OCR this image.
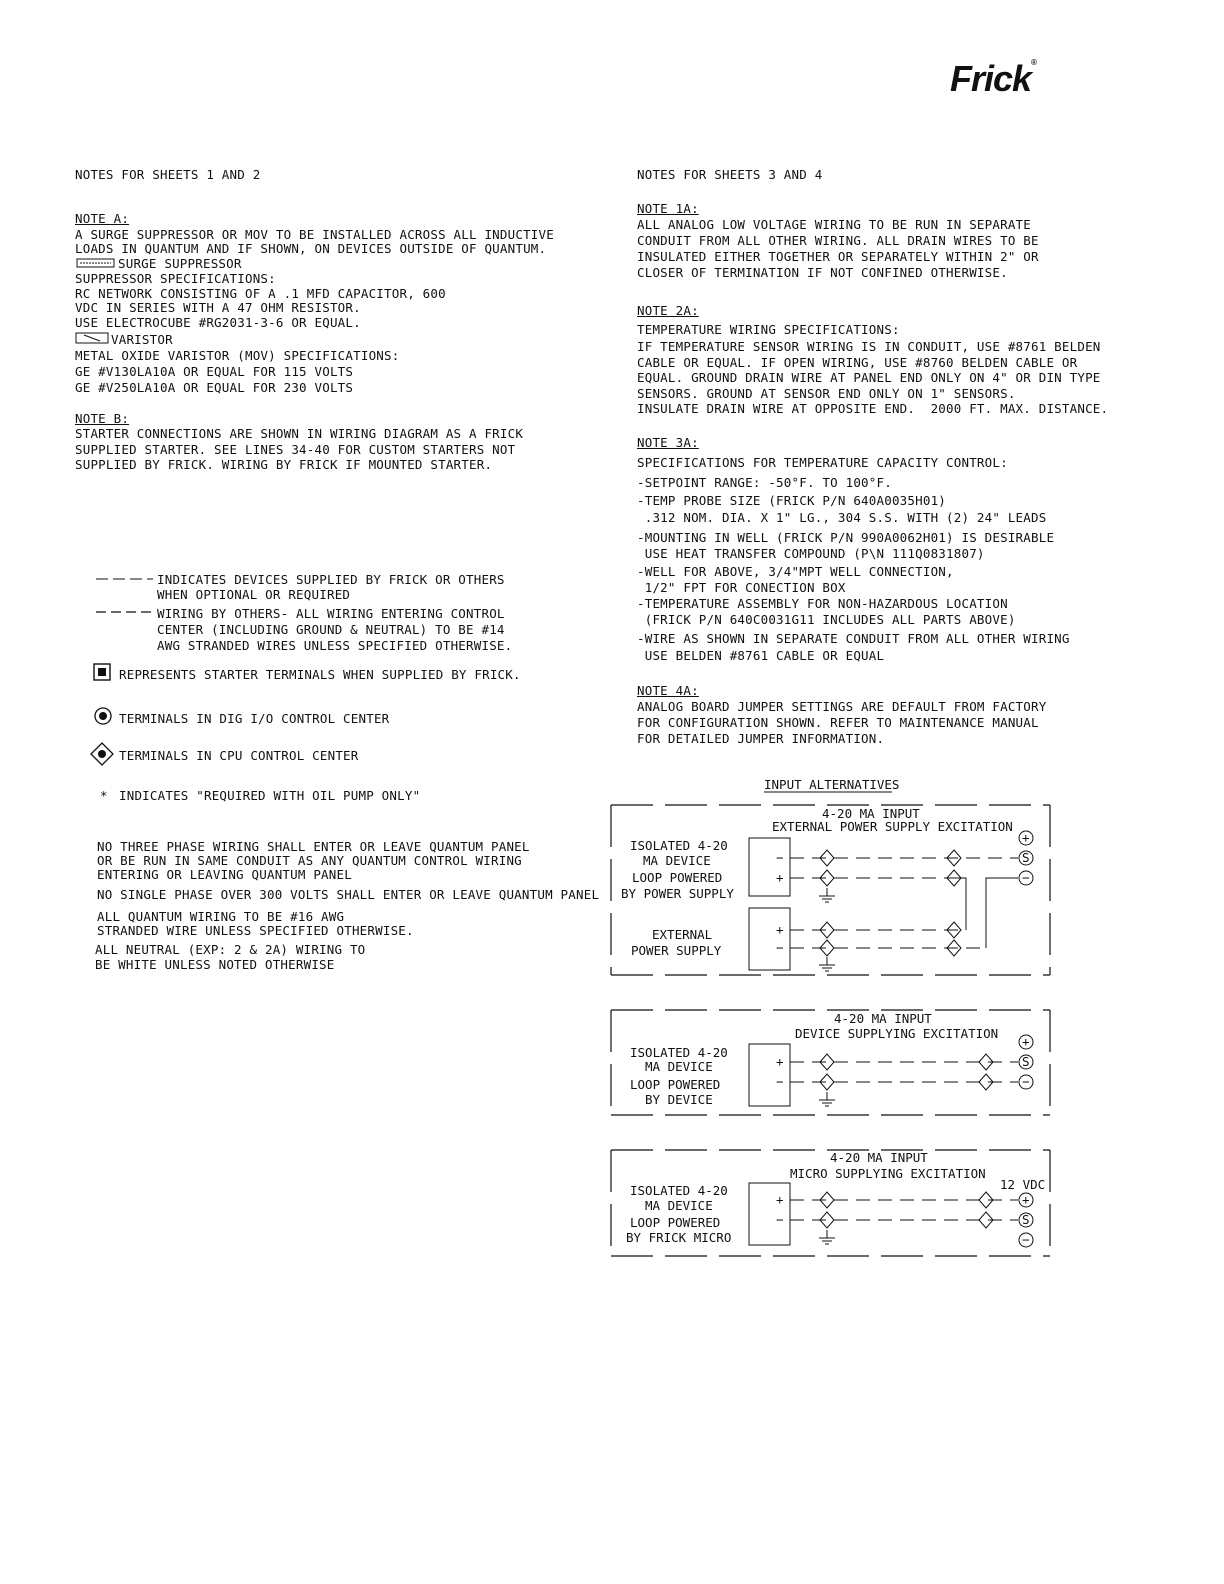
Frick®
NOTES FOR SHEETS 1 AND 2
NOTE A:
A SURGE SUPPRESSOR OR MOV TO BE INSTALLED ACROSS ALL INDUCTIVE
LOADS IN QUANTUM AND IF SHOWN, ON DEVICES OUTSIDE OF QUANTUM.
SURGE SUPPRESSOR
SUPPRESSOR SPECIFICATIONS:
RC NETWORK CONSISTING OF A .1 MFD CAPACITOR, 600
VDC IN SERIES WITH A 47 OHM RESISTOR.
USE ELECTROCUBE #RG2031-3-6 OR EQUAL.
VARISTOR
METAL OXIDE VARISTOR (MOV) SPECIFICATIONS:
GE #V130LA10A OR EQUAL FOR 115 VOLTS
GE #V250LA10A OR EQUAL FOR 230 VOLTS
NOTE B:
STARTER CONNECTIONS ARE SHOWN IN WIRING DIAGRAM AS A FRICK
SUPPLIED STARTER. SEE LINES 34-40 FOR CUSTOM STARTERS NOT
SUPPLIED BY FRICK. WIRING BY FRICK IF MOUNTED STARTER.
INDICATES DEVICES SUPPLIED BY FRICK OR OTHERS
WHEN OPTIONAL OR REQUIRED
WIRING BY OTHERS- ALL WIRING ENTERING CONTROL
CENTER (INCLUDING GROUND & NEUTRAL) TO BE #14
AWG STRANDED WIRES UNLESS SPECIFIED OTHERWISE.
REPRESENTS STARTER TERMINALS WHEN SUPPLIED BY FRICK.
TERMINALS IN DIG I/O CONTROL CENTER
TERMINALS IN CPU CONTROL CENTER
* INDICATES "REQUIRED WITH OIL PUMP ONLY"
NO THREE PHASE WIRING SHALL ENTER OR LEAVE QUANTUM PANEL
OR BE RUN IN SAME CONDUIT AS ANY QUANTUM CONTROL WIRING
ENTERING OR LEAVING QUANTUM PANEL
NO SINGLE PHASE OVER 300 VOLTS SHALL ENTER OR LEAVE QUANTUM PANEL
ALL QUANTUM WIRING TO BE #16 AWG
STRANDED WIRE UNLESS SPECIFIED OTHERWISE.
ALL NEUTRAL (EXP: 2 & 2A) WIRING TO
BE WHITE UNLESS NOTED OTHERWISE
NOTES FOR SHEETS 3 AND 4
NOTE 1A:
ALL ANALOG LOW VOLTAGE WIRING TO BE RUN IN SEPARATE
CONDUIT FROM ALL OTHER WIRING. ALL DRAIN WIRES TO BE
INSULATED EITHER TOGETHER OR SEPARATELY WITHIN 2" OR
CLOSER OF TERMINATION IF NOT CONFINED OTHERWISE.
NOTE 2A:
TEMPERATURE WIRING SPECIFICATIONS:
IF TEMPERATURE SENSOR WIRING IS IN CONDUIT, USE #8761 BELDEN
CABLE OR EQUAL. IF OPEN WIRING, USE #8760 BELDEN CABLE OR
EQUAL. GROUND DRAIN WIRE AT PANEL END ONLY ON 4" OR DIN TYPE
SENSORS. GROUND AT SENSOR END ONLY ON 1" SENSORS.
INSULATE DRAIN WIRE AT OPPOSITE END.  2000 FT. MAX. DISTANCE.
NOTE 3A:
SPECIFICATIONS FOR TEMPERATURE CAPACITY CONTROL:
-SETPOINT RANGE: -50°F. TO 100°F.
-TEMP PROBE SIZE (FRICK P/N 640A0035H01)
.312 NOM. DIA. X 1" LG., 304 S.S. WITH (2) 24" LEADS
-MOUNTING IN WELL (FRICK P/N 990A0062H01) IS DESIRABLE
USE HEAT TRANSFER COMPOUND (P\N 111Q0831807)
-WELL FOR ABOVE, 3/4"MPT WELL CONNECTION,
1/2" FPT FOR CONECTION BOX
-TEMPERATURE ASSEMBLY FOR NON-HAZARDOUS LOCATION
(FRICK P/N 640C0031G11 INCLUDES ALL PARTS ABOVE)
-WIRE AS SHOWN IN SEPARATE CONDUIT FROM ALL OTHER WIRING
USE BELDEN #8761 CABLE OR EQUAL
NOTE 4A:
ANALOG BOARD JUMPER SETTINGS ARE DEFAULT FROM FACTORY
FOR CONFIGURATION SHOWN. REFER TO MAINTENANCE MANUAL
FOR DETAILED JUMPER INFORMATION.
INPUT ALTERNATIVES
4-20 MA INPUT
EXTERNAL POWER SUPPLY EXCITATION
ISOLATED 4-20
MA DEVICE
LOOP POWERED
BY POWER SUPPLY
EXTERNAL
POWER SUPPLY
−
+
+
−
+
S
−
4-20 MA INPUT
DEVICE SUPPLYING EXCITATION
ISOLATED 4-20
MA DEVICE
LOOP POWERED
BY DEVICE
+
−
+
S
−
4-20 MA INPUT
MICRO SUPPLYING EXCITATION
12 VDC
ISOLATED 4-20
MA DEVICE
LOOP POWERED
BY FRICK MICRO
+
−
+
S
−
